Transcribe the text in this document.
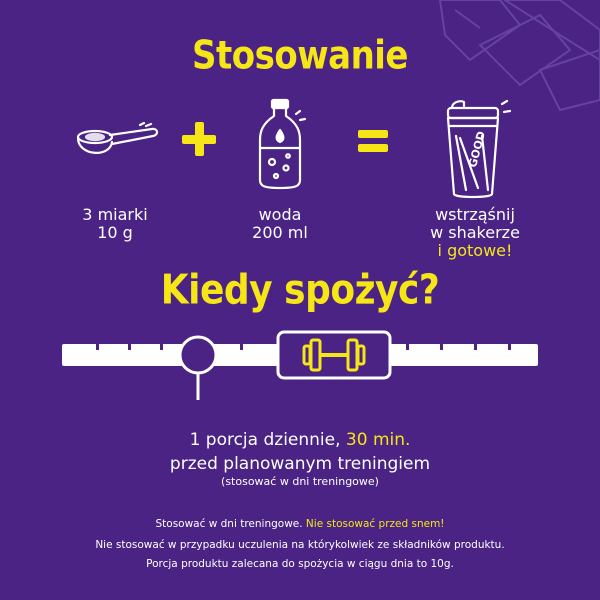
Stosowanie
GOOD
3 miarki
10 g
woda
200 ml
wstrząśnij
w shakerze
i gotowe!
Kiedy spożyć?
1 porcja dziennie, 30 min.
przed planowanym treningiem
(stosować w dni treningowe)
Stosować w dni treningowe. Nie stosować przed snem!
Nie stosować w przypadku uczulenia na którykolwiek ze składników produktu.
Porcja produktu zalecana do spożycia w ciągu dnia to 10g.
